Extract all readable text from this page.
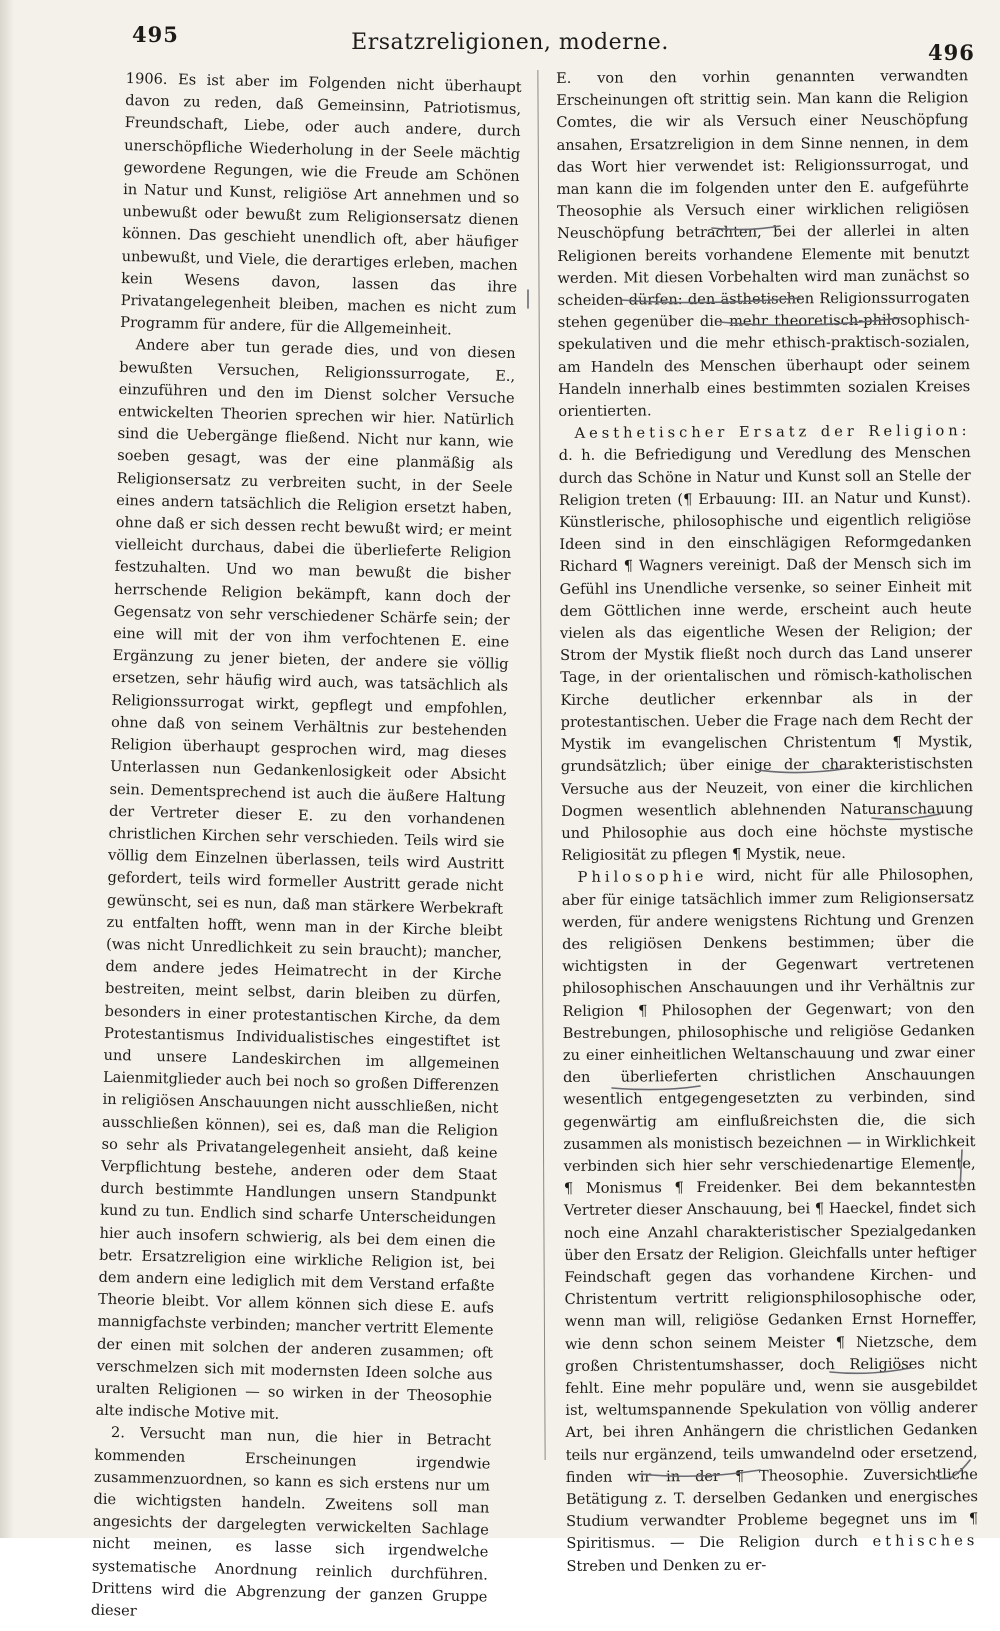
495	Ersatzreligionen, moderne.	496

1906. Es ist aber im Folgenden nicht überhaupt davon zu reden, daß Gemeinsinn, Patriotismus, Freundschaft, Liebe, oder auch andere, durch unerschöpfliche Wiederholung in der Seele mächtig gewordene Regungen, wie die Freude am Schönen in Natur und Kunst, religiöse Art annehmen und so unbewußt oder bewußt zum Religionsersatz dienen können. Das geschieht unendlich oft, aber häufiger unbewußt, und Viele, die derartiges erleben, machen kein Wesens davon, lassen das ihre Privatangelegenheit bleiben, machen es nicht zum Programm für andere, für die Allgemeinheit.

Andere aber tun gerade dies, und von diesen bewußten Versuchen, Religionssurrogate, E., einzuführen und den im Dienst solcher Versuche entwickelten Theorien sprechen wir hier. Natürlich sind die Uebergänge fließend. Nicht nur kann, wie soeben gesagt, was der eine planmäßig als Religionsersatz zu verbreiten sucht, in der Seele eines andern tatsächlich die Religion ersetzt haben, ohne daß er sich dessen recht bewußt wird; er meint vielleicht durchaus, dabei die überlieferte Religion festzuhalten. Und wo man bewußt die bisher herrschende Religion bekämpft, kann doch der Gegensatz von sehr verschiedener Schärfe sein; der eine will mit der von ihm verfochtenen E. eine Ergänzung zu jener bieten, der andere sie völlig ersetzen, sehr häufig wird auch, was tatsächlich als Religionssurrogat wirkt, gepflegt und empfohlen, ohne daß von seinem Verhältnis zur bestehenden Religion überhaupt gesprochen wird, mag dieses Unterlassen nun Gedankenlosigkeit oder Absicht sein. Dementsprechend ist auch die äußere Haltung der Vertreter dieser E. zu den vorhandenen christlichen Kirchen sehr verschieden. Teils wird sie völlig dem Einzelnen überlassen, teils wird Austritt gefordert, teils wird formeller Austritt gerade nicht gewünscht, sei es nun, daß man stärkere Werbekraft zu entfalten hofft, wenn man in der Kirche bleibt (was nicht Unredlichkeit zu sein braucht); mancher, dem andere jedes Heimatrecht in der Kirche bestreiten, meint selbst, darin bleiben zu dürfen, besonders in einer protestantischen Kirche, da dem Protestantismus Individualistisches eingestiftet ist und unsere Landeskirchen im allgemeinen Laienmitglieder auch bei noch so großen Differenzen in religiösen Anschauungen nicht ausschließen, nicht ausschließen können), sei es, daß man die Religion so sehr als Privatangelegenheit ansieht, daß keine Verpflichtung bestehe, anderen oder dem Staat durch bestimmte Handlungen unsern Standpunkt kund zu tun. Endlich sind scharfe Unterscheidungen hier auch insofern schwierig, als bei dem einen die betr. Ersatzreligion eine wirkliche Religion ist, bei dem andern eine lediglich mit dem Verstand erfaßte Theorie bleibt. Vor allem können sich diese E. aufs mannigfachste verbinden; mancher vertritt Elemente der einen mit solchen der anderen zusammen; oft verschmelzen sich mit modernsten Ideen solche aus uralten Religionen — so wirken in der Theosophie alte indische Motive mit.

2. Versucht man nun, die hier in Betracht kommenden Erscheinungen irgendwie zusammenzuordnen, so kann es sich erstens nur um die wichtigsten handeln. Zweitens soll man angesichts der dargelegten verwickelten Sachlage nicht meinen, es lasse sich irgendwelche systematische Anordnung reinlich durchführen. Drittens wird die Abgrenzung der ganzen Gruppe dieser

E. von den vorhin genannten verwandten Erscheinungen oft strittig sein. Man kann die Religion Comtes, die wir als Versuch einer Neuschöpfung ansahen, Ersatzreligion in dem Sinne nennen, in dem das Wort hier verwendet ist: Religionssurrogat, und man kann die im folgenden unter den E. aufgeführte Theosophie als Versuch einer wirklichen religiösen Neuschöpfung betrachten, bei der allerlei in alten Religionen bereits vorhandene Elemente mit benutzt werden. Mit diesen Vorbehalten wird man zunächst so scheiden dürfen: den ästhetischen Religionssurrogaten stehen gegenüber die mehr theoretisch-philosophisch-spekulativen und die mehr ethisch-praktisch-sozialen, am Handeln des Menschen überhaupt oder seinem Handeln innerhalb eines bestimmten sozialen Kreises orientierten.

Aesthetischer Ersatz der Religion: d. h. die Befriedigung und Veredlung des Menschen durch das Schöne in Natur und Kunst soll an Stelle der Religion treten (¶ Erbauung: III. an Natur und Kunst). Künstlerische, philosophische und eigentlich religiöse Ideen sind in den einschlägigen Reformgedanken Richard ¶ Wagners vereinigt. Daß der Mensch sich im Gefühl ins Unendliche versenke, so seiner Einheit mit dem Göttlichen inne werde, erscheint auch heute vielen als das eigentliche Wesen der Religion; der Strom der Mystik fließt noch durch das Land unserer Tage, in der orientalischen und römisch-katholischen Kirche deutlicher erkennbar als in der protestantischen. Ueber die Frage nach dem Recht der Mystik im evangelischen Christentum ¶ Mystik, grundsätzlich; über einige der charakteristischsten Versuche aus der Neuzeit, von einer die kirchlichen Dogmen wesentlich ablehnenden Naturanschauung und Philosophie aus doch eine höchste mystische Religiosität zu pflegen ¶ Mystik, neue.

Philosophie wird, nicht für alle Philosophen, aber für einige tatsächlich immer zum Religionsersatz werden, für andere wenigstens Richtung und Grenzen des religiösen Denkens bestimmen; über die wichtigsten in der Gegenwart vertretenen philosophischen Anschauungen und ihr Verhältnis zur Religion ¶ Philosophen der Gegenwart; von den Bestrebungen, philosophische und religiöse Gedanken zu einer einheitlichen Weltanschauung und zwar einer den überlieferten christlichen Anschauungen wesentlich entgegengesetzten zu verbinden, sind gegenwärtig am einflußreichsten die, die sich zusammen als monistisch bezeichnen — in Wirklichkeit verbinden sich hier sehr verschiedenartige Elemente, ¶ Monismus ¶ Freidenker. Bei dem bekanntesten Vertreter dieser Anschauung, bei ¶ Haeckel, findet sich noch eine Anzahl charakteristischer Spezialgedanken über den Ersatz der Religion. Gleichfalls unter heftiger Feindschaft gegen das vorhandene Kirchen- und Christentum vertritt religionsphilosophische oder, wenn man will, religiöse Gedanken Ernst Horneffer, wie denn schon seinem Meister ¶ Nietzsche, dem großen Christentumshasser, doch Religiöses nicht fehlt. Eine mehr populäre und, wenn sie ausgebildet ist, weltumspannende Spekulation von völlig anderer Art, bei ihren Anhängern die christlichen Gedanken teils nur ergänzend, teils umwandelnd oder ersetzend, finden wir in der ¶ Theosophie. Zuversichtliche Betätigung z. T. derselben Gedanken und energisches Studium verwandter Probleme begegnet uns im ¶ Spiritismus. — Die Religion durch ethisches Streben und Denken zu er-
